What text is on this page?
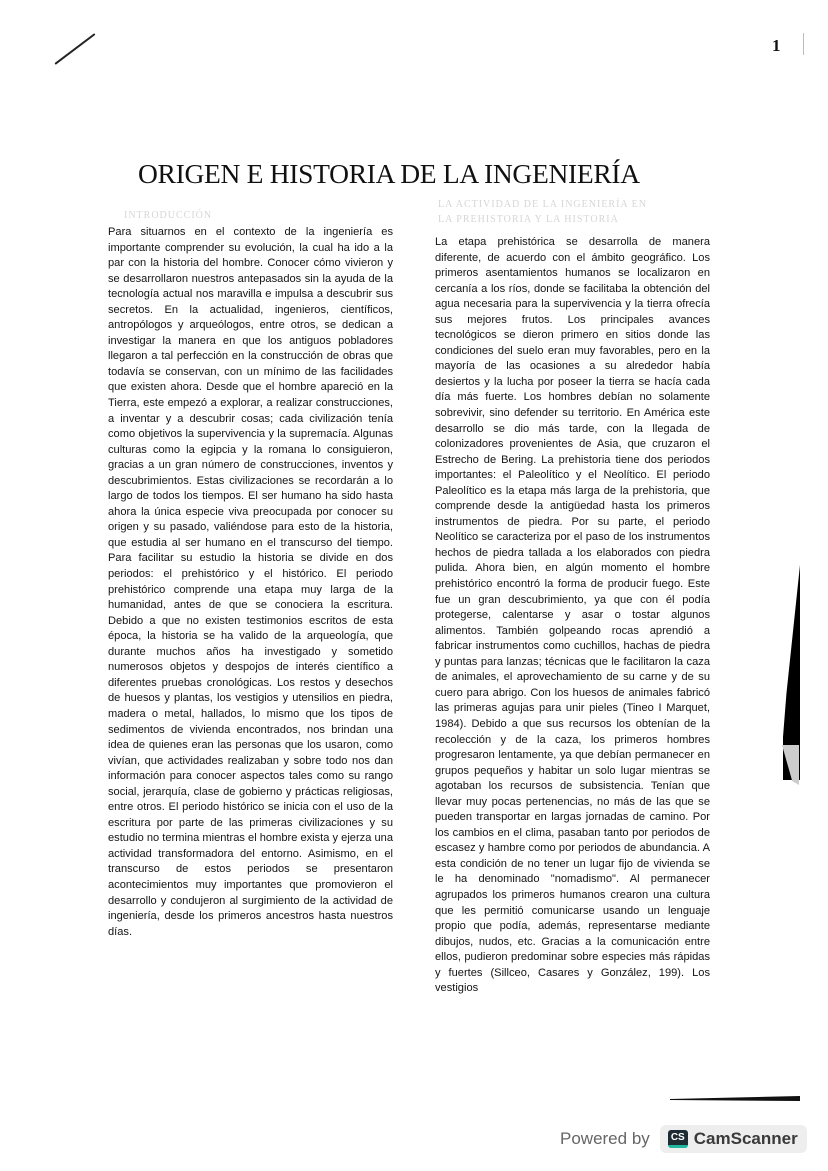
1
ORIGEN E HISTORIA DE LA INGENIERÍA
INTRODUCCIÓN
LA ACTIVIDAD DE LA INGENIERÍA EN
LA PREHISTORIA Y LA HISTORIA

Para situarnos en el contexto de la ingeniería es importante comprender su evolución, la cual ha ido a la par con la historia del hombre. Conocer cómo vivieron y se desarrollaron nuestros antepasados sin la ayuda de la tecnología actual nos maravilla e impulsa a descubrir sus secretos. En la actualidad, ingenieros, científicos, antropólogos y arqueólogos, entre otros, se dedican a investigar la manera en que los antiguos pobladores llegaron a tal perfección en la construcción de obras que todavía se conservan, con un mínimo de las facilidades que existen ahora. Desde que el hombre apareció en la Tierra, este empezó a explorar, a realizar construcciones, a inventar y a descubrir cosas; cada civilización tenía como objetivos la supervivencia y la supremacía. Algunas culturas como la egipcia y la romana lo consiguieron, gracias a un gran número de construcciones, inventos y descubrimientos. Estas civilizaciones se recordarán a lo largo de todos los tiempos. El ser humano ha sido hasta ahora la única especie viva preocupada por conocer su origen y su pasado, valiéndose para esto de la historia, que estudia al ser humano en el transcurso del tiempo. Para facilitar su estudio la historia se divide en dos periodos: el prehistórico y el histórico. El periodo prehistórico comprende una etapa muy larga de la humanidad, antes de que se conociera la escritura. Debido a que no existen testimonios escritos de esta época, la historia se ha valido de la arqueología, que durante muchos años ha investigado y sometido numerosos objetos y despojos de interés científico a diferentes pruebas cronológicas. Los restos y desechos de huesos y plantas, los vestigios y utensilios en piedra, madera o metal, hallados, lo mismo que los tipos de sedimentos de vivienda encontrados, nos brindan una idea de quienes eran las personas que los usaron, como vivían, que actividades realizaban y sobre todo nos dan información para conocer aspectos tales como su rango social, jerarquía, clase de gobierno y prácticas religiosas, entre otros. El periodo histórico se inicia con el uso de la escritura por parte de las primeras civilizaciones y su estudio no termina mientras el hombre exista y ejerza una actividad transformadora del entorno. Asimismo, en el transcurso de estos periodos se presentaron acontecimientos muy importantes que promovieron el desarrollo y condujeron al surgimiento de la actividad de ingeniería, desde los primeros ancestros hasta nuestros días.

La etapa prehistórica se desarrolla de manera diferente, de acuerdo con el ámbito geográfico. Los primeros asentamientos humanos se localizaron en cercanía a los ríos, donde se facilitaba la obtención del agua necesaria para la supervivencia y la tierra ofrecía sus mejores frutos. Los principales avances tecnológicos se dieron primero en sitios donde las condiciones del suelo eran muy favorables, pero en la mayoría de las ocasiones a su alrededor había desiertos y la lucha por poseer la tierra se hacía cada día más fuerte. Los hombres debían no solamente sobrevivir, sino defender su territorio. En América este desarrollo se dio más tarde, con la llegada de colonizadores provenientes de Asia, que cruzaron el Estrecho de Bering. La prehistoria tiene dos periodos importantes: el Paleolítico y el Neolítico. El periodo Paleolítico es la etapa más larga de la prehistoria, que comprende desde la antigüedad hasta los primeros instrumentos de piedra. Por su parte, el periodo Neolítico se caracteriza por el paso de los instrumentos hechos de piedra tallada a los elaborados con piedra pulida. Ahora bien, en algún momento el hombre prehistórico encontró la forma de producir fuego. Este fue un gran descubrimiento, ya que con él podía protegerse, calentarse y asar o tostar algunos alimentos. También golpeando rocas aprendió a fabricar instrumentos como cuchillos, hachas de piedra y puntas para lanzas; técnicas que le facilitaron la caza de animales, el aprovechamiento de su carne y de su cuero para abrigo. Con los huesos de animales fabricó las primeras agujas para unir pieles (Tineo I Marquet, 1984). Debido a que sus recursos los obtenían de la recolección y de la caza, los primeros hombres progresaron lentamente, ya que debían permanecer en grupos pequeños y habitar un solo lugar mientras se agotaban los recursos de subsistencia. Tenían que llevar muy pocas pertenencias, no más de las que se pueden transportar en largas jornadas de camino. Por los cambios en el clima, pasaban tanto por periodos de escasez y hambre como por periodos de abundancia. A esta condición de no tener un lugar fijo de vivienda se le ha denominado "nomadismo". Al permanecer agrupados los primeros humanos crearon una cultura que les permitió comunicarse usando un lenguaje propio que podía, además, representarse mediante dibujos, nudos, etc. Gracias a la comunicación entre ellos, pudieron predominar sobre especies más rápidas y fuertes (Sillceo, Casares y González, 199). Los vestigios

Powered by	CS CamScanner
